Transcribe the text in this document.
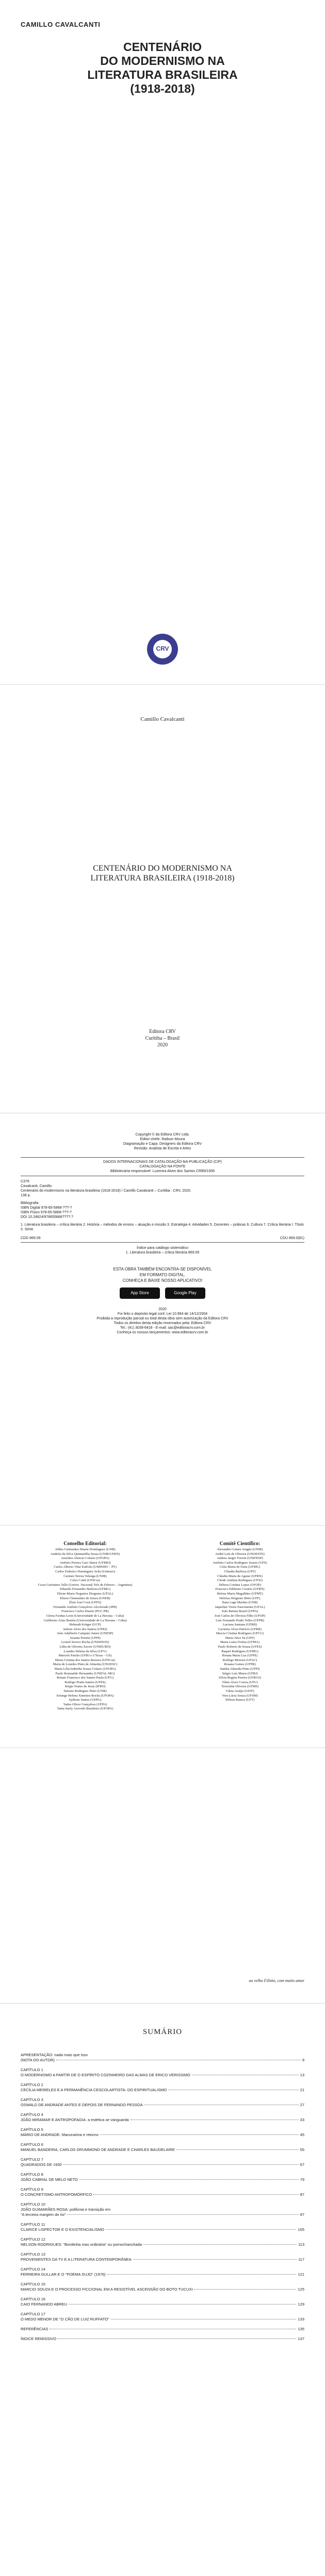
CAMILLO CAVALCANTI
CENTENÁRIO
DO MODERNISMO NA
LITERATURA BRASILEIRA
(1918-2018)
CRV
Camillo Cavalcanti
CENTENÁRIO DO MODERNISMO NA
LITERATURA BRASILEIRA (1918-2018)
Editora CRV
Curitiba – Brasil
2020
Copyright © da Editora CRV Ltda.
Editor-chefe: Railson Moura
Diagramação e Capa: Designers da Editora CRV
Revisão: Analista de Escrita e Artes
DADOS INTERNACIONAIS DE CATALOGAÇÃO-NA-PUBLICAÇÃO (CIP)
CATALOGAÇÃO NA FONTE
Bibliotecária responsável: Luzenira Alves dos Santos CRB9/1506
C376
Cavalcanti, Camillo.
Centenário do modernismo na literatura brasileira (1918-2018) / Camillo Cavalcanti – Curitiba : CRV, 2020.
138 p.
Bibliografia
ISBN Digital 978-65-5868-???-?
ISBN Físico 978-65-5868-???-?
DOI 10.24824/978655868????.?
1. Literatura brasileira – crítica literária 2. História – métodos de ensino – atuação e missão 3. Estratégia 4. Atividades 5. Docentes – práticas 6. Cultura 7. Crítica literária I. Título II. Série.
CDD 869.09	CDU 869.0(81)
Índice para catálogo sistemático
1. Literatura brasileira – crítica literária 869.09
ESTA OBRA TAMBÉM ENCONTRA-SE DISPONÍVEL
EM FORMATO DIGITAL.
CONHEÇA E BAIXE NOSSO APLICATIVO!
App Store	Google Play
2020
Foi feito o depósito legal conf. Lei 10.994 de 14/12/2004
Proibida a reprodução parcial ou total desta obra sem autorização da Editora CRV
Todos os direitos desta edição reservados pela: Editora CRV
Tel.: (41) 3039-6418 - E-mail: sac@editoracrv.com.br
Conheça os nossos lançamentos: www.editoracrv.com.br
Conselho Editorial:
Aldira Guimarães Duarte Domínguez (UNB)
Andréia da Silva Quintanilha Sousa (UNIR/UFRN)
Anselmo Alencar Colares (UFOPA)
Antônio Pereira Gaio Júnior (UFRRJ)
Carlos Alberto Vilar Estêvão (UMINHO – PT)
Carlos Federico Domínguez Avila (Unieuro)
Carmen Tereza Velanga (UNIR)
Celso Conti (UFSCar)
Cesar Gerónimo Tello (Univer. Nacional Três de Febrero – Argentina)
Eduardo Fernandes Barbosa (UFMG)
Elione Maria Nogueira Diogenes (UFAL)
Elizeu Clementino de Souza (UNEB)
Élsio José Corá (UFFS)
Fernando Antônio Gonçalves Alcoforado (IPB)
Francisco Carlos Duarte (PUC-PR)
Gloria Fariñas León (Universidade de La Havana – Cuba)
Guillermo Arias Beatón (Universidade de La Havana – Cuba)
Helmuth Krüger (UCP)
Jailson Alves dos Santos (UFRJ)
João Adalberto Campato Junior (UNESP)
Josania Portela (UFPI)
Leonel Severo Rocha (UNISINOS)
Lídia de Oliveira Xavier (UNIEURO)
Lourdes Helena da Silva (UFV)
Marcelo Paixão (UFRJ e UTexas – US)
Maria Cristina dos Santos Bezerra (UFSCar)
Maria de Lourdes Pinto de Almeida (UNOESC)
Maria Lília Imbiriba Sousa Colares (UFOPA)
Paulo Romualdo Hernandes (UNIFAL-MG)
Renato Francisco dos Santos Paula (UFG)
Rodrigo Pratte-Santos (UFES)
Sérgio Nunes de Jesus (IFRO)
Simone Rodrigues Pinto (UNB)
Solange Helena Ximenes-Rocha (UFOPA)
Sydione Santos (UEPG)
Tadeu Oliver Gonçalves (UFPA)
Tania Suely Azevedo Brasileiro (UFOPA)
Comitê Científico:
Alexandre Gomes Aragão (UNIR)
André Luís de Oliveira (UNOESTE)
Andrea Jaeger Foresti (UNIFESP)
Antônio Carlos Rodrigues Soares (UFS)
Celia Maria de Faria (UFMG)
Cláudia Barbosa (UFF)
Cláudia Maria de Aguiar (UFRN)
Cleide Antônia Rodrigues (UFSJ)
Débora Cristina Lopez (UFOP)
Francisco Edileuno Cesário (UFRN)
Helena Maria Magalhães (UFMT)
Heloísa Diógenes Brito (UFF)
Ilana Lage Martins (UNB)
Jaqueline Vieira Nascimento (UFAL)
João Batista Brasil (UFPA)
José Carlos de Oliveira Filho (UFOP)
Luís Fernando Prado Telles (UFPB)
Luciana Santana (UFRB)
Lucineia Alves Patrício (UFRR)
Marcia Cristina Rodrigues (UFCG)
Maria Alice Sá (UFF)
Maria Luíza Freitas (UFMA)
Paulo Roberto de Souza (UFES)
Raquel Rodrigues (UFMG)
Renata Maria Luz (UFPE)
Rodrigo Moreira (UFAC)
Rosana Gomes (UFPR)
Sandra Almeida Pinto (UFPI)
Sérgio Luís Matos (UFRJ)
Sílvia Regina Pereira (UFRGS)
Tânia Alves Correa (UFU)
Terezinha Oliveira (UFMS)
Vânia Araújo (UFJF)
Vera Lúcia Souza (UFSM)
Wilson Ramos (UFT)
ao velho Filinto, com muito amor
SUMÁRIO
APRESENTAÇÃO: nada mais que isso
(NOTA DO AUTOR)	9
CAPÍTULO 1
O MODERNISMO A PARTIR DE O ESPÍRITO COZINHEIRO DAS ALMAS DE ERICO VERISSIMO	13
CAPÍTULO 2
CECÍLIA MEIRELES E A PERMANÊNCIA CESCOLARTISTA: DO ESPIRITUALISMO	21
CAPÍTULO 3
OSWALD DE ANDRADE ANTES E DEPOIS DE FERNANDO PESSOA	27
CAPÍTULO 4
JOÃO MIRAMAR E ANTROPOFAGIA: a estética se vanguarda	33
CAPÍTULO 5
MÁRIO DE ANDRADE: Macunaíma e retorno	45
CAPÍTULO 6
MANUEL BANDEIRA, CARLOS DRUMMOND DE ANDRADE E CHARLES BAUDELAIRE	55
CAPÍTULO 7
QUADRADOS DE 1930	67
CAPÍTULO 8
JOÃO CABRAL DE MELO NETO	79
CAPÍTULO 9
O CONCRETISMO ANTROPOMÓRFICO	87
CAPÍTULO 10
JOÃO GUIMARÃES ROSA: polifonia e transição em
"A terceira margem do rio"	97
CAPÍTULO 11
CLARICE LISPECTOR E O EXISTENCIALISMO	105
CAPÍTULO 12
NELSON RODRIGUES: "Bonitinha mas ordinária" ou pornochanchada	113
CAPÍTULO 13
PROVENIENTES DA TV E A LITERATURA CONTEMPORÂNEA	117
CAPÍTULO 14
FERREIRA GULLAR E O "POEMA SUJO" (1976)	121
CAPÍTULO 15
MARCIO SOUZA E O PROCESSO FICCIONAL EM A RESISTÍVEL ASCENSÃO DO BOTO TUCUXI	125
CAPÍTULO 16
CAIO FERNANDO ABREU	129
CAPÍTULO 17
O MEDO MENOR DE "O CÃO DE LUIZ RUFFATO"	133
REFERÊNCIAS	135
ÍNDICE REMISSIVO	137
